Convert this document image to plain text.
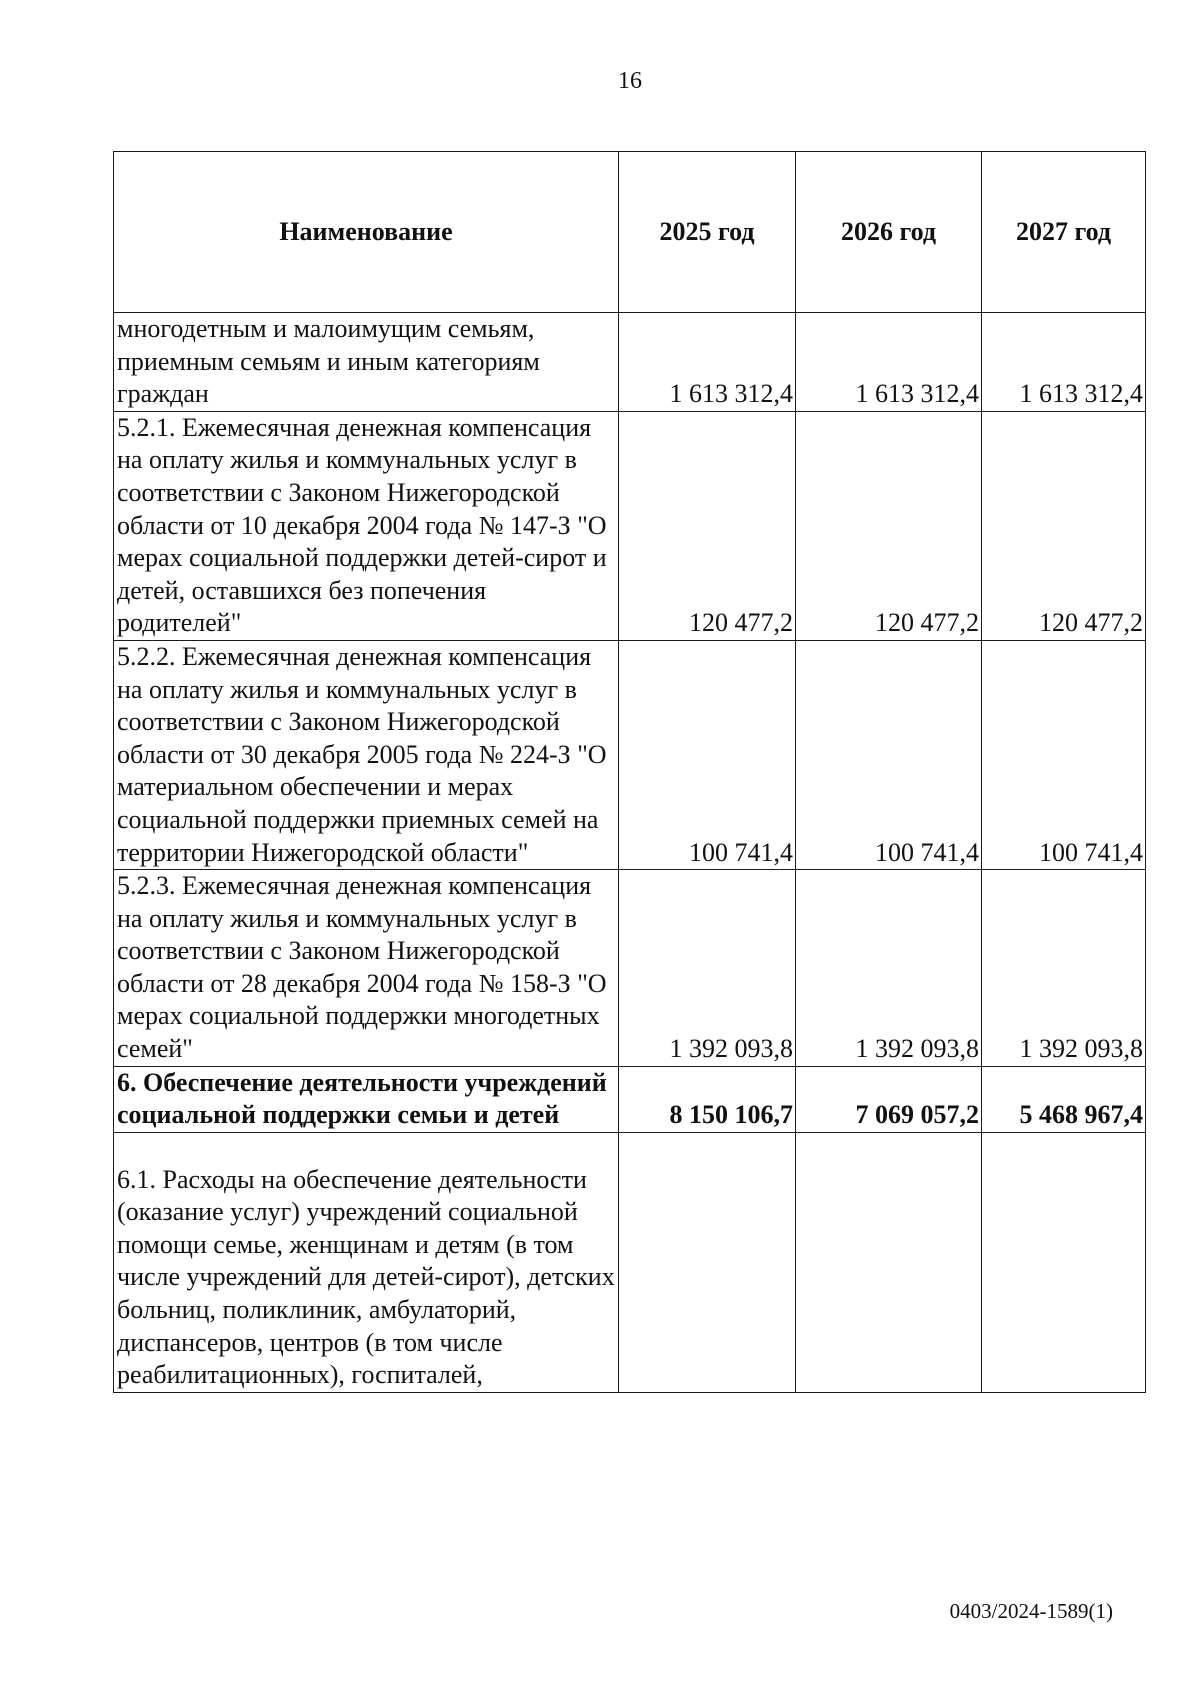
16
Наименование	2025 год	2026 год	2027 год
многодетным и малоимущим семьям, приемным семьям и иным категориям граждан	1 613 312,4	1 613 312,4	1 613 312,4
5.2.1. Ежемесячная денежная компенсация на оплату жилья и коммунальных услуг в соответствии с Законом Нижегородской области от 10 декабря 2004 года № 147-З "О мерах социальной поддержки детей-сирот и детей, оставшихся без попечения родителей"	120 477,2	120 477,2	120 477,2
5.2.2. Ежемесячная денежная компенсация на оплату жилья и коммунальных услуг в соответствии с Законом Нижегородской области от 30 декабря 2005 года № 224-З "О материальном обеспечении и мерах социальной поддержки приемных семей на территории Нижегородской области"	100 741,4	100 741,4	100 741,4
5.2.3. Ежемесячная денежная компенсация на оплату жилья и коммунальных услуг в соответствии с Законом Нижегородской области от 28 декабря 2004 года № 158-З "О мерах социальной поддержки многодетных семей"	1 392 093,8	1 392 093,8	1 392 093,8
6. Обеспечение деятельности учреждений социальной поддержки семьи и детей	8 150 106,7	7 069 057,2	5 468 967,4
6.1. Расходы на обеспечение деятельности (оказание услуг) учреждений социальной помощи семье, женщинам и детям (в том числе учреждений для детей-сирот), детских больниц, поликлиник, амбулаторий, диспансеров, центров (в том числе реабилитационных), госпиталей,			
0403/2024-1589(1)
